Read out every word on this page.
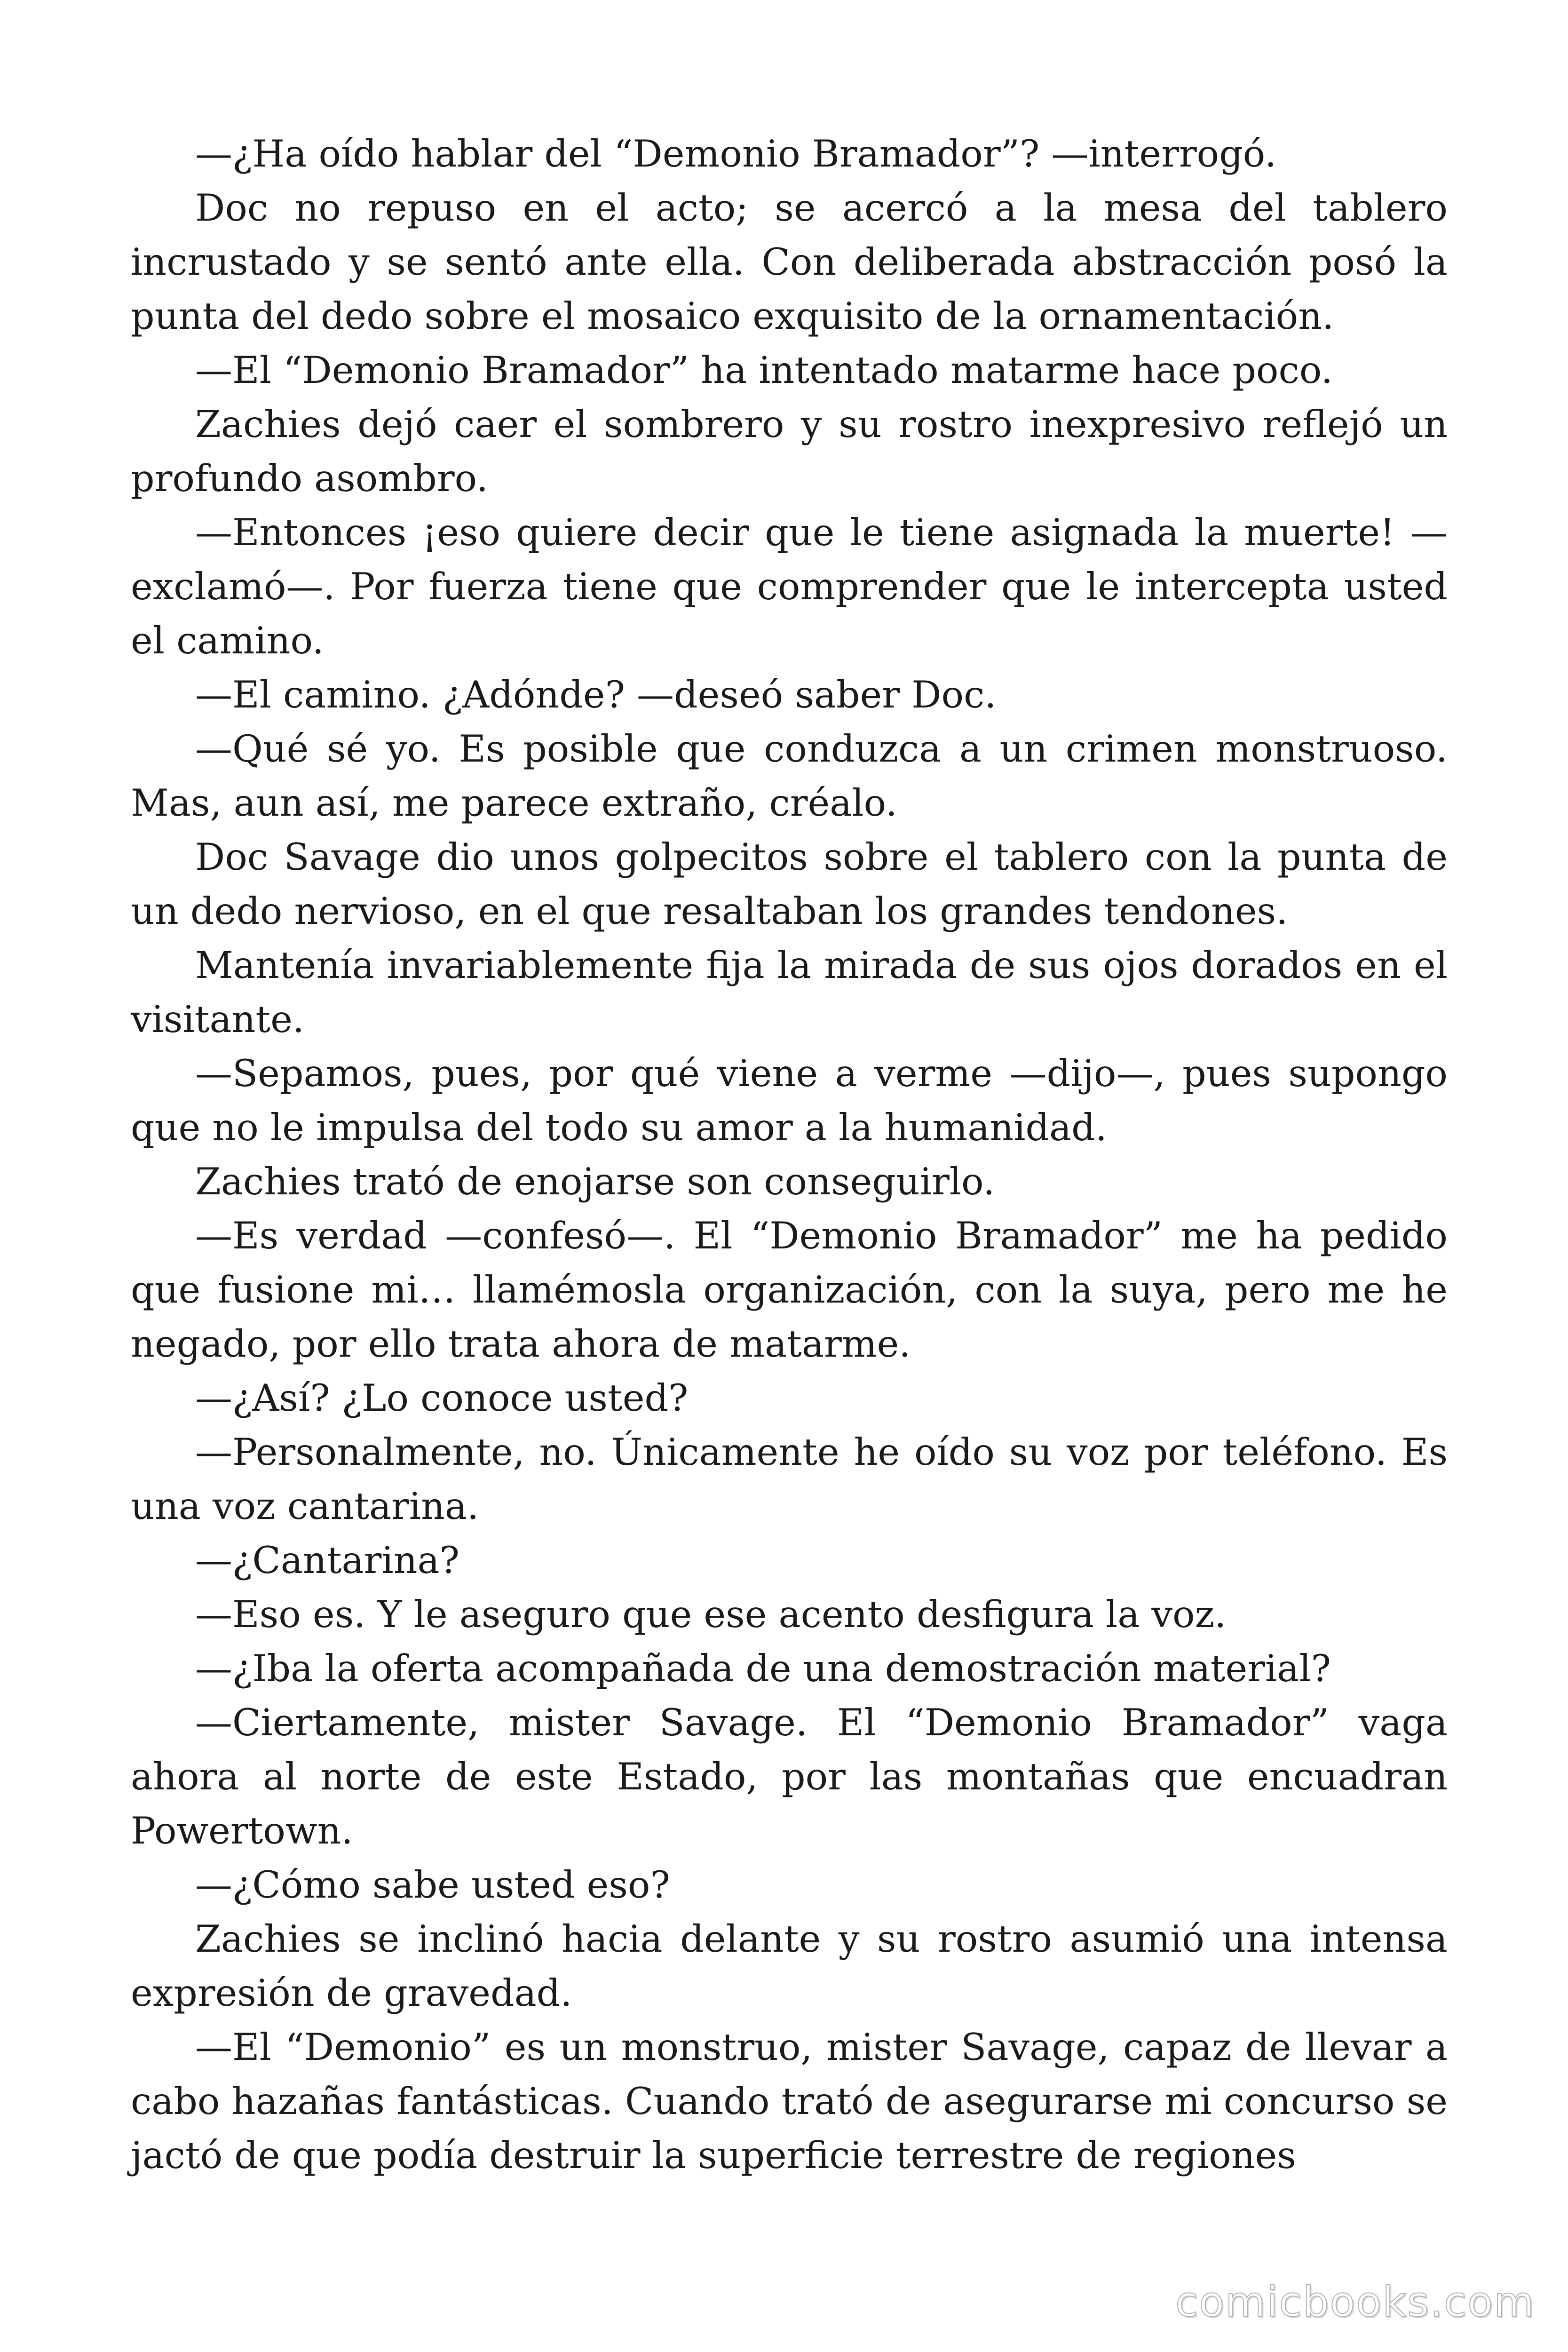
—¿Ha oído hablar del “Demonio Bramador”? —interrogó.

Doc no repuso en el acto; se acercó a la mesa del tablero incrustado y se sentó ante ella. Con deliberada abstracción posó la punta del dedo sobre el mosaico exquisito de la ornamentación.

—El “Demonio Bramador” ha intentado matarme hace poco.

Zachies dejó caer el sombrero y su rostro inexpresivo reflejó un profundo asombro.

—Entonces ¡eso quiere decir que le tiene asignada la muerte! —exclamó—. Por fuerza tiene que comprender que le intercepta usted el camino.

—El camino. ¿Adónde? —deseó saber Doc.

—Qué sé yo. Es posible que conduzca a un crimen monstruoso. Mas, aun así, me parece extraño, créalo.

Doc Savage dio unos golpecitos sobre el tablero con la punta de un dedo nervioso, en el que resaltaban los grandes tendones.

Mantenía invariablemente fija la mirada de sus ojos dorados en el visitante.

—Sepamos, pues, por qué viene a verme —dijo—, pues supongo que no le impulsa del todo su amor a la humanidad.

Zachies trató de enojarse son conseguirlo.

—Es verdad —confesó—. El “Demonio Bramador” me ha pedido que fusione mi… llamémosla organización, con la suya, pero me he negado, por ello trata ahora de matarme.

—¿Así? ¿Lo conoce usted?

—Personalmente, no. Únicamente he oído su voz por teléfono. Es una voz cantarina.

—¿Cantarina?

—Eso es. Y le aseguro que ese acento desfigura la voz.

—¿Iba la oferta acompañada de una demostración material?

—Ciertamente, mister Savage. El “Demonio Bramador” vaga ahora al norte de este Estado, por las montañas que encuadran Powertown.

—¿Cómo sabe usted eso?

Zachies se inclinó hacia delante y su rostro asumió una intensa expresión de gravedad.

—El “Demonio” es un monstruo, mister Savage, capaz de llevar a cabo hazañas fantásticas. Cuando trató de asegurarse mi concurso se jactó de que podía destruir la superficie terrestre de regiones

comicbooks.com
